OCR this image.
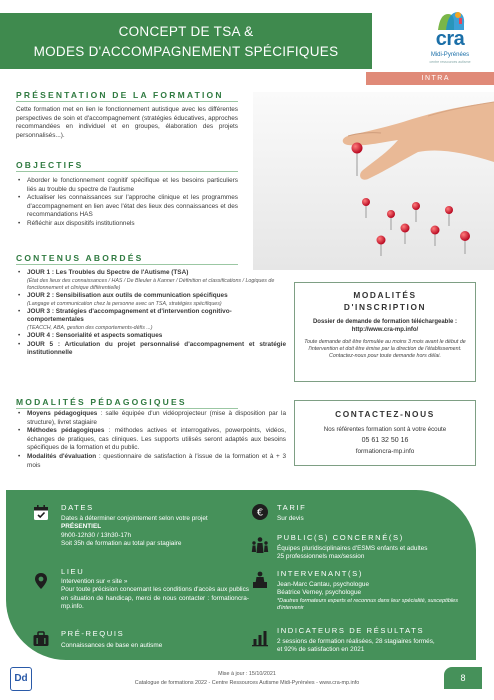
CONCEPT DE TSA &
MODES D'ACCOMPAGNEMENT SPÉCIFIQUES
cra
Midi-Pyrénées
centre ressources autisme
INTRA
PRÉSENTATION DE LA FORMATION
Cette formation met en lien le fonctionnement autistique avec les différentes perspectives de soin et d'accompagnement (stratégies éducatives, approches recommandées en individuel et en groupes, élaboration des projets personnalisés...).
OBJECTIFS
• Aborder le fonctionnement cognitif spécifique et les besoins particuliers liés au trouble du spectre de l'autisme
• Actualiser les connaissances sur l'approche clinique et les programmes d'accompagnement en lien avec l'état des lieux des connaissances et des recommandations HAS
• Réfléchir aux dispositifs institutionnels
CONTENUS ABORDÉS
• JOUR 1 : Les Troubles du Spectre de l'Autisme (TSA)
(État des lieux des connaissances / HAS / De Bleuler à Kanner / Définition et classifications / Logiques de fonctionnement et clinique différentielle)
• JOUR 2 : Sensibilisation aux outils de communication spécifiques
(Langage et communication chez la personne avec un TSA, stratégies spécifiques)
• JOUR 3 : Stratégies d'accompagnement et d'intervention cognitivo-comportementales
(TEACCH, ABA, gestion des comportements-défis ...)
• JOUR 4 : Sensorialité et aspects somatiques
• JOUR 5 : Articulation du projet personnalisé d'accompagnement et stratégie institutionnelle
MODALITÉS
D'INSCRIPTION
Dossier de demande de formation téléchargeable : http://www.cra-mp.info/
Toute demande doit être formulée au moins 3 mois avant le début de l'intervention et doit être émise par la direction de l'établissement. Contactez-nous pour toute demande hors délai.
MODALITÉS PÉDAGOGIQUES
• Moyens pédagogiques : salle équipée d'un vidéoprojecteur (mise à disposition par la structure), livret stagiaire
• Méthodes pédagogiques : méthodes actives et interrogatives, powerpoints, vidéos, échanges de pratiques, cas cliniques. Les supports utilisés seront adaptés aux besoins spécifiques de la formation et du public.
• Modalités d'évaluation : questionnaire de satisfaction à l'issue de la formation et à + 3 mois
CONTACTEZ-NOUS
Nos référentes formation sont à votre écoute
05 61 32 50 16
formationcra-mp.info
DATES
Dates à déterminer conjointement selon votre projet
PRÉSENTIEL
9h00-12h30 / 13h30-17h
Soit 35h de formation au total par stagiaire
LIEU
Intervention sur « site »
Pour toute précision concernant les conditions d'accès aux publics en situation de handicap, merci de nous contacter : formationcra-mp.info.
PRÉ-REQUIS
Connaissances de base en autisme
€ TARIF
Sur devis
PUBLIC(S) CONCERNÉ(S)
Équipes pluridisciplinaires d'ESMS enfants et adultes
25 professionnels max/session
INTERVENANT(S)
Jean-Marc Cantau, psychologue
Béatrice Verney, psychologue
*Dautres formateurs experts et reconnus dans leur spécialité, susceptibles d'intervenir
INDICATEURS DE RÉSULTATS
2 sessions de formation réalisées, 28 stagiaires formés,
et 92% de satisfaction en 2021
Dd	Mise à jour : 15/10/2021
Catalogue de formations 2022 - Centre Ressources Autisme Midi-Pyrénées - www.cra-mp.info	8
